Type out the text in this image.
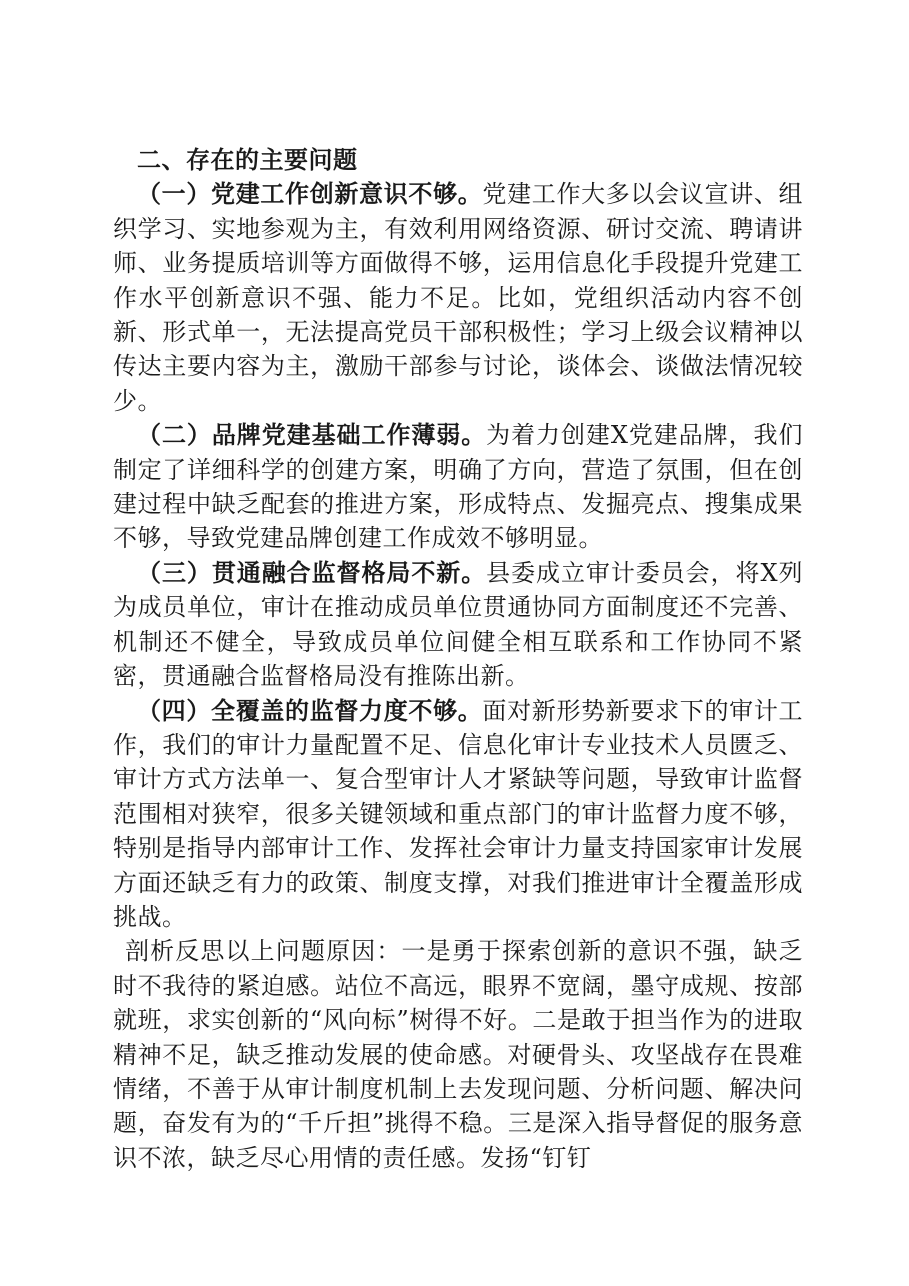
二、存在的主要问题

（一）党建工作创新意识不够。党建工作大多以会议宣讲、组织学习、实地参观为主，有效利用网络资源、研讨交流、聘请讲师、业务提质培训等方面做得不够，运用信息化手段提升党建工作水平创新意识不强、能力不足。比如，党组织活动内容不创新、形式单一，无法提高党员干部积极性；学习上级会议精神以传达主要内容为主，激励干部参与讨论，谈体会、谈做法情况较少。

（二）品牌党建基础工作薄弱。为着力创建X党建品牌，我们制定了详细科学的创建方案，明确了方向，营造了氛围，但在创建过程中缺乏配套的推进方案，形成特点、发掘亮点、搜集成果不够，导致党建品牌创建工作成效不够明显。

（三）贯通融合监督格局不新。县委成立审计委员会，将X列为成员单位，审计在推动成员单位贯通协同方面制度还不完善、机制还不健全，导致成员单位间健全相互联系和工作协同不紧密，贯通融合监督格局没有推陈出新。

（四）全覆盖的监督力度不够。面对新形势新要求下的审计工作，我们的审计力量配置不足、信息化审计专业技术人员匮乏、审计方式方法单一、复合型审计人才紧缺等问题，导致审计监督范围相对狭窄，很多关键领域和重点部门的审计监督力度不够，特别是指导内部审计工作、发挥社会审计力量支持国家审计发展方面还缺乏有力的政策、制度支撑，对我们推进审计全覆盖形成挑战。

剖析反思以上问题原因：一是勇于探索创新的意识不强，缺乏时不我待的紧迫感。站位不高远，眼界不宽阔，墨守成规、按部就班，求实创新的“风向标”树得不好。二是敢于担当作为的进取精神不足，缺乏推动发展的使命感。对硬骨头、攻坚战存在畏难情绪，不善于从审计制度机制上去发现问题、分析问题、解决问题，奋发有为的“千斤担”挑得不稳。三是深入指导督促的服务意识不浓，缺乏尽心用情的责任感。发扬“钉钉
